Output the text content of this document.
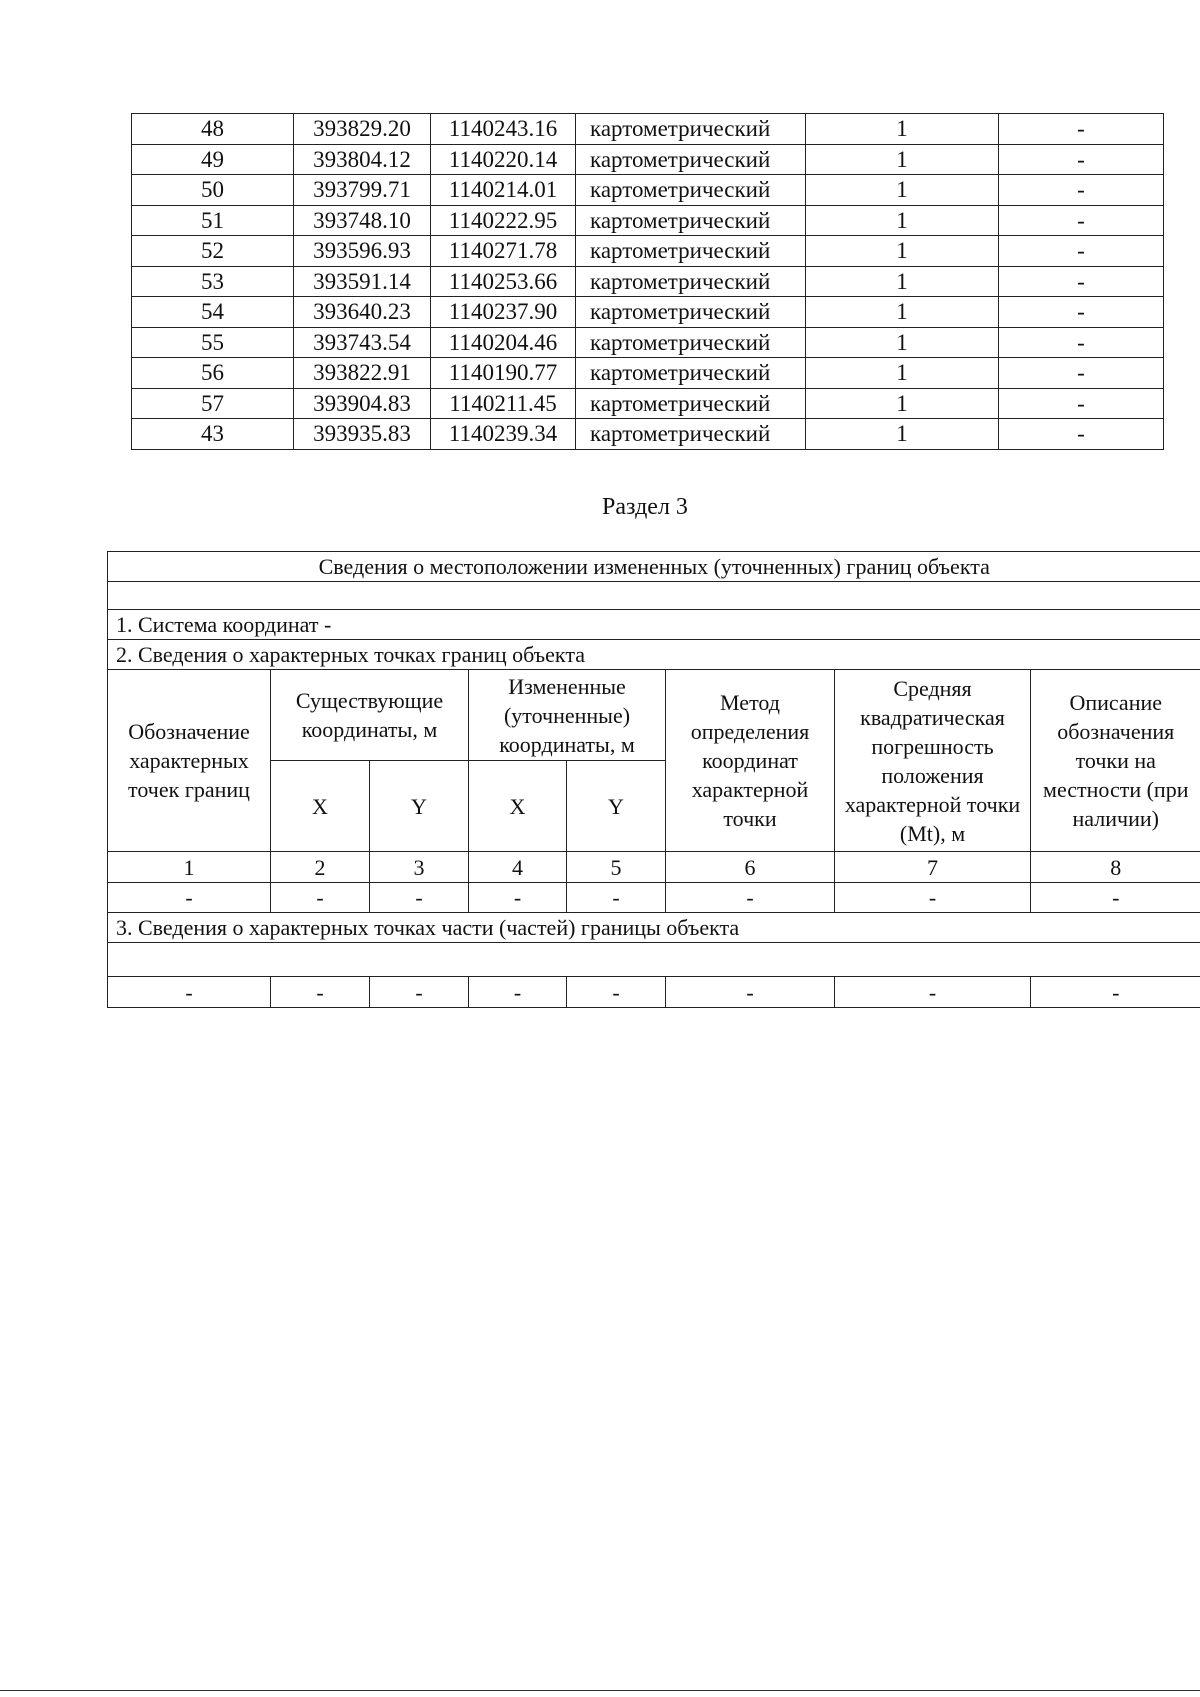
48	393829.20	1140243.16	картометрический	1	-
49	393804.12	1140220.14	картометрический	1	-
50	393799.71	1140214.01	картометрический	1	-
51	393748.10	1140222.95	картометрический	1	-
52	393596.93	1140271.78	картометрический	1	-
53	393591.14	1140253.66	картометрический	1	-
54	393640.23	1140237.90	картометрический	1	-
55	393743.54	1140204.46	картометрический	1	-
56	393822.91	1140190.77	картометрический	1	-
57	393904.83	1140211.45	картометрический	1	-
43	393935.83	1140239.34	картометрический	1	-
Раздел 3
Сведения о местоположении измененных (уточненных) границ объекта							

1. Система координат -							
2. Сведения о характерных точках границ объекта							
Обозначение характерных точек границ	Существующие координаты, м		Измененные (уточненные) координаты, м		Метод определения координат характерной точки	Средняя квадратическая погрешность положения характерной точки (Mt), м	Описание обозначения точки на местности (при наличии)
	X	Y	X	Y			
1	2	3	4	5	6	7	8
-	-	-	-	-	-	-	-
3. Сведения о характерных точках части (частей) границы объекта							

-	-	-	-	-	-	-	-
